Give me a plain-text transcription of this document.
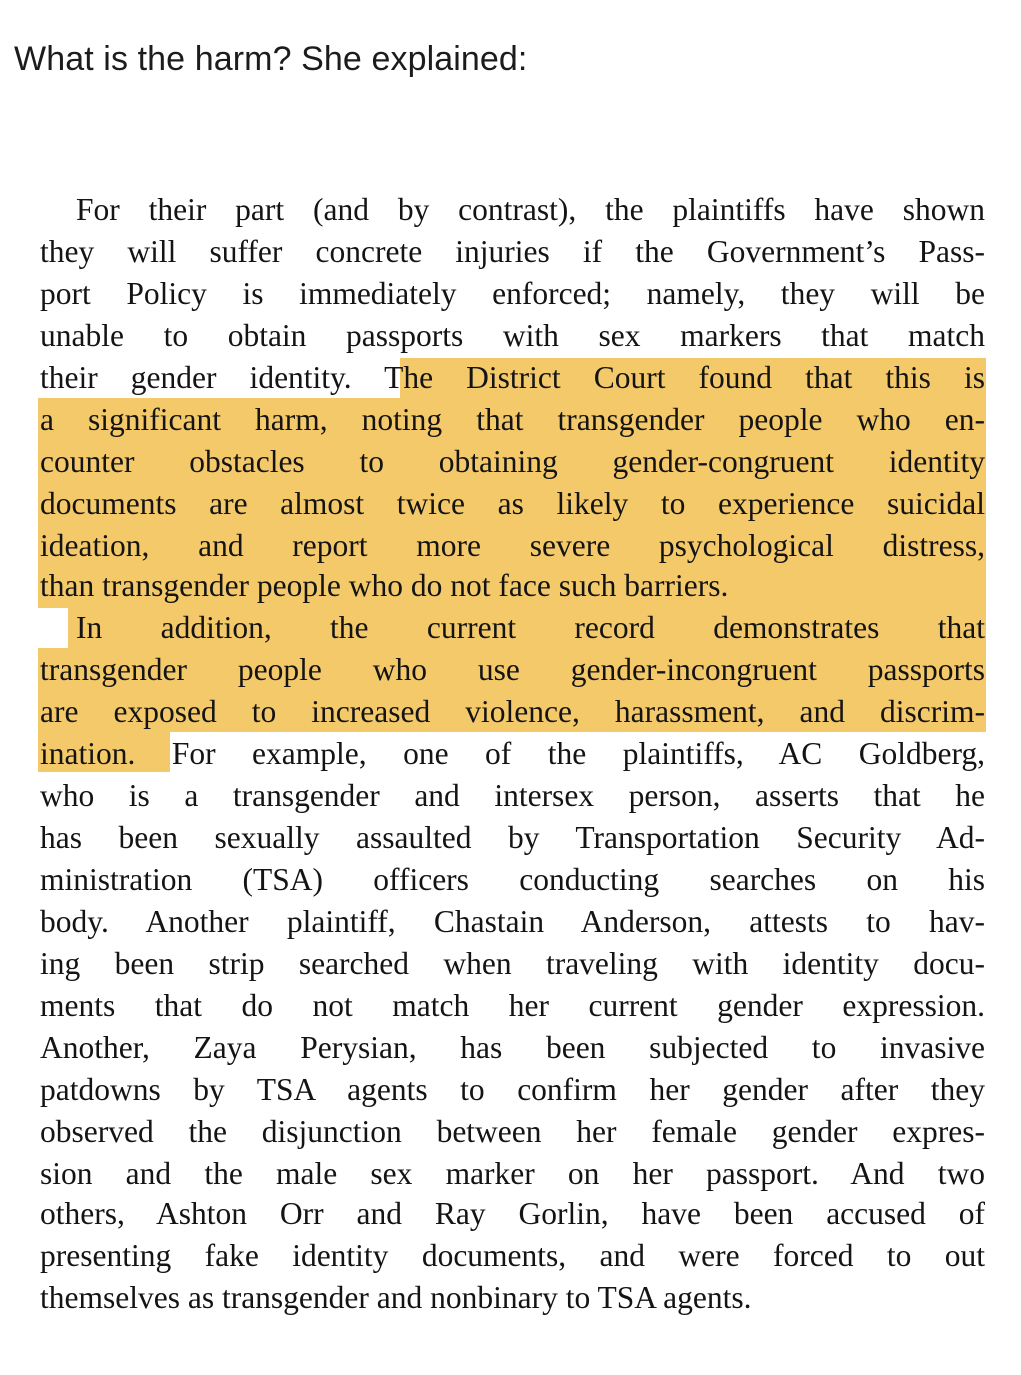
What is the harm? She explained:
For their part (and by contrast), the plaintiffs have shown
they will suffer concrete injuries if the Government’s Pass-
port Policy is immediately enforced; namely, they will be
unable to obtain passports with sex markers that match
their gender identity. The District Court found that this is
a significant harm, noting that transgender people who en-
counter obstacles to obtaining gender-congruent identity
documents are almost twice as likely to experience suicidal
ideation, and report more severe psychological distress,
than transgender people who do not face such barriers.
In addition, the current record demonstrates that
transgender people who use gender-incongruent passports
are exposed to increased violence, harassment, and discrim-
ination. For example, one of the plaintiffs, AC Goldberg,
who is a transgender and intersex person, asserts that he
has been sexually assaulted by Transportation Security Ad-
ministration (TSA) officers conducting searches on his
body. Another plaintiff, Chastain Anderson, attests to hav-
ing been strip searched when traveling with identity docu-
ments that do not match her current gender expression.
Another, Zaya Perysian, has been subjected to invasive
patdowns by TSA agents to confirm her gender after they
observed the disjunction between her female gender expres-
sion and the male sex marker on her passport. And two
others, Ashton Orr and Ray Gorlin, have been accused of
presenting fake identity documents, and were forced to out
themselves as transgender and nonbinary to TSA agents.
